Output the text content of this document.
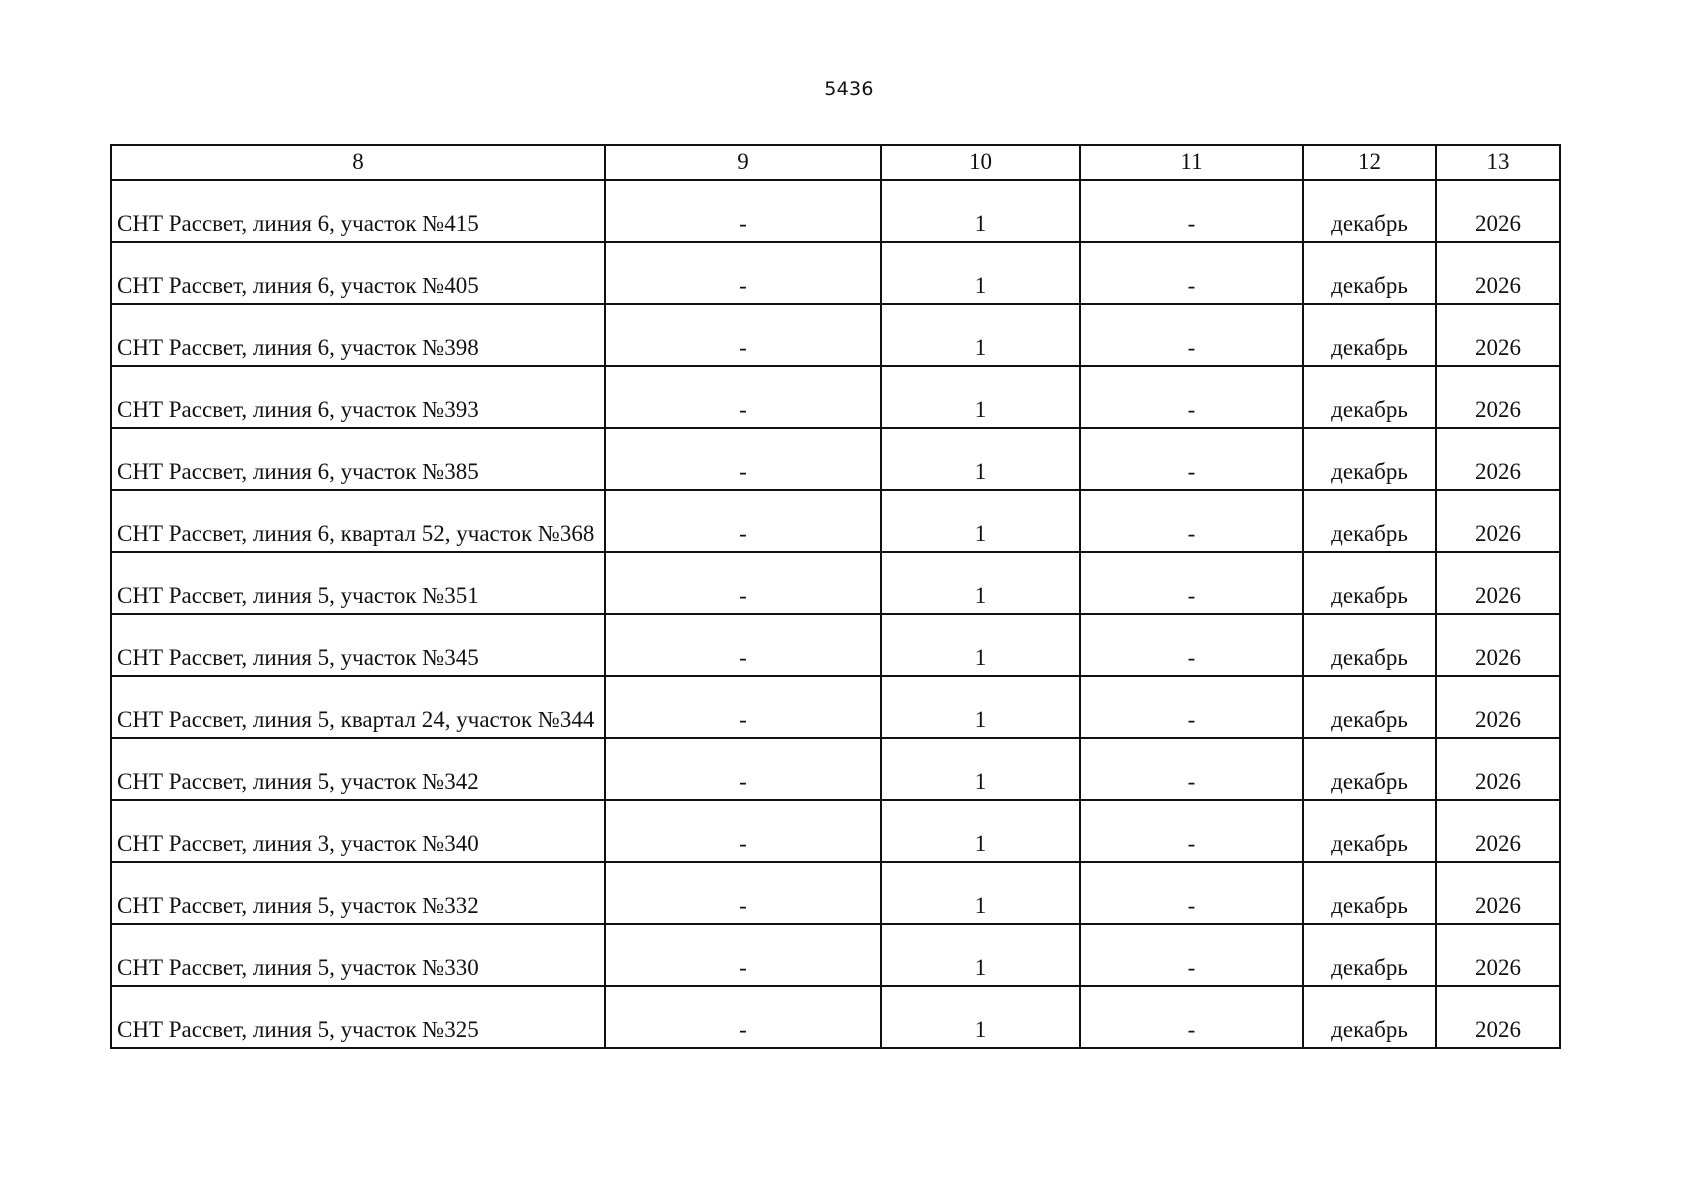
5436
8	9	10	11	12	13
СНТ Рассвет, линия 6, участок №415	-	1	-	декабрь	2026
СНТ Рассвет, линия 6, участок №405	-	1	-	декабрь	2026
СНТ Рассвет, линия 6, участок №398	-	1	-	декабрь	2026
СНТ Рассвет, линия 6, участок №393	-	1	-	декабрь	2026
СНТ Рассвет, линия 6, участок №385	-	1	-	декабрь	2026
СНТ Рассвет, линия 6, квартал 52, участок №368	-	1	-	декабрь	2026
СНТ Рассвет, линия 5, участок №351	-	1	-	декабрь	2026
СНТ Рассвет, линия 5, участок №345	-	1	-	декабрь	2026
СНТ Рассвет, линия 5, квартал 24, участок №344	-	1	-	декабрь	2026
СНТ Рассвет, линия 5, участок №342	-	1	-	декабрь	2026
СНТ Рассвет, линия 3, участок №340	-	1	-	декабрь	2026
СНТ Рассвет, линия 5, участок №332	-	1	-	декабрь	2026
СНТ Рассвет, линия 5, участок №330	-	1	-	декабрь	2026
СНТ Рассвет, линия 5, участок №325	-	1	-	декабрь	2026
